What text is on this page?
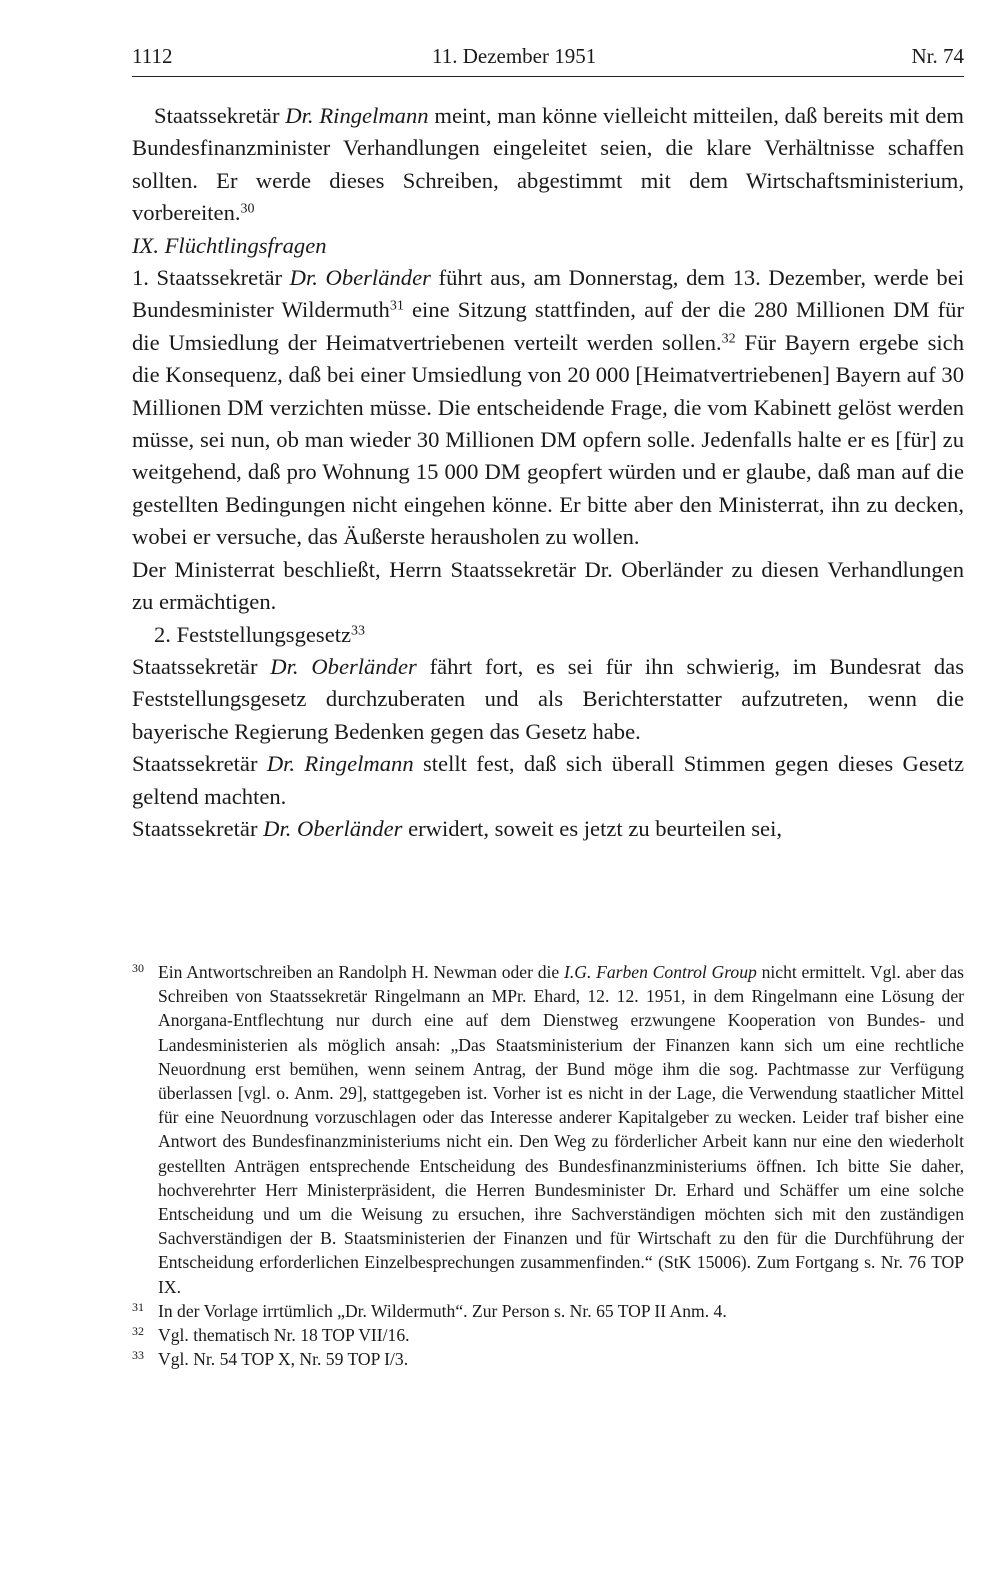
1112	11. Dezember 1951	Nr. 74

Staatssekretär Dr. Ringelmann meint, man könne vielleicht mitteilen, daß bereits mit dem Bundesfinanzminister Verhandlungen eingeleitet seien, die klare Verhältnisse schaffen sollten. Er werde dieses Schreiben, abgestimmt mit dem Wirtschaftsministerium, vorbereiten.$^{30}$

IX. Flüchtlingsfragen

1. Staatssekretär Dr. Oberländer führt aus, am Donnerstag, dem 13. Dezember, werde bei Bundesminister Wildermuth$^{31}$ eine Sitzung stattfinden, auf der die 280 Millionen DM für die Umsiedlung der Heimatvertriebenen verteilt werden sollen.$^{32}$ Für Bayern ergebe sich die Konsequenz, daß bei einer Umsiedlung von 20 000 [Heimatvertriebenen] Bayern auf 30 Millionen DM verzichten müsse. Die entscheidende Frage, die vom Kabinett gelöst werden müsse, sei nun, ob man wieder 30 Millionen DM opfern solle. Jedenfalls halte er es [für] zu weitgehend, daß pro Wohnung 15 000 DM geopfert würden und er glaube, daß man auf die gestellten Bedingungen nicht eingehen könne. Er bitte aber den Ministerrat, ihn zu decken, wobei er versuche, das Äußerste herausholen zu wollen.

Der Ministerrat beschließt, Herrn Staatssekretär Dr. Oberländer zu diesen Verhandlungen zu ermächtigen.

2. Feststellungsgesetz$^{33}$

Staatssekretär Dr. Oberländer fährt fort, es sei für ihn schwierig, im Bundesrat das Feststellungsgesetz durchzuberaten und als Berichterstatter aufzutreten, wenn die bayerische Regierung Bedenken gegen das Gesetz habe.

Staatssekretär Dr. Ringelmann stellt fest, daß sich überall Stimmen gegen dieses Gesetz geltend machten.

Staatssekretär Dr. Oberländer erwidert, soweit es jetzt zu beurteilen sei,

30 Ein Antwortschreiben an Randolph H. Newman oder die I.G. Farben Control Group nicht ermittelt. Vgl. aber das Schreiben von Staatssekretär Ringelmann an MPr. Ehard, 12. 12. 1951, in dem Ringelmann eine Lösung der Anorgana-Entflechtung nur durch eine auf dem Dienstweg erzwungene Kooperation von Bundes- und Landesministerien als möglich ansah: „Das Staatsministerium der Finanzen kann sich um eine rechtliche Neuordnung erst bemühen, wenn seinem Antrag, der Bund möge ihm die sog. Pachtmasse zur Verfügung überlassen [vgl. o. Anm. 29], stattgegeben ist. Vorher ist es nicht in der Lage, die Verwendung staatlicher Mittel für eine Neuordnung vorzuschlagen oder das Interesse anderer Kapitalgeber zu wecken. Leider traf bisher eine Antwort des Bundesfinanzministeriums nicht ein. Den Weg zu förderlicher Arbeit kann nur eine den wiederholt gestellten Anträgen entsprechende Entscheidung des Bundesfinanzministeriums öffnen. Ich bitte Sie daher, hochverehrter Herr Ministerpräsident, die Herren Bundesminister Dr. Erhard und Schäffer um eine solche Entscheidung und um die Weisung zu ersuchen, ihre Sachverständigen möchten sich mit den zuständigen Sachverständigen der B. Staatsministerien der Finanzen und für Wirtschaft zu den für die Durchführung der Entscheidung erforderlichen Einzelbesprechungen zusammenfinden.“ (StK 15006). Zum Fortgang s. Nr. 76 TOP IX.

31 In der Vorlage irrtümlich „Dr. Wildermuth“. Zur Person s. Nr. 65 TOP II Anm. 4.

32 Vgl. thematisch Nr. 18 TOP VII/16.

33 Vgl. Nr. 54 TOP X, Nr. 59 TOP I/3.
